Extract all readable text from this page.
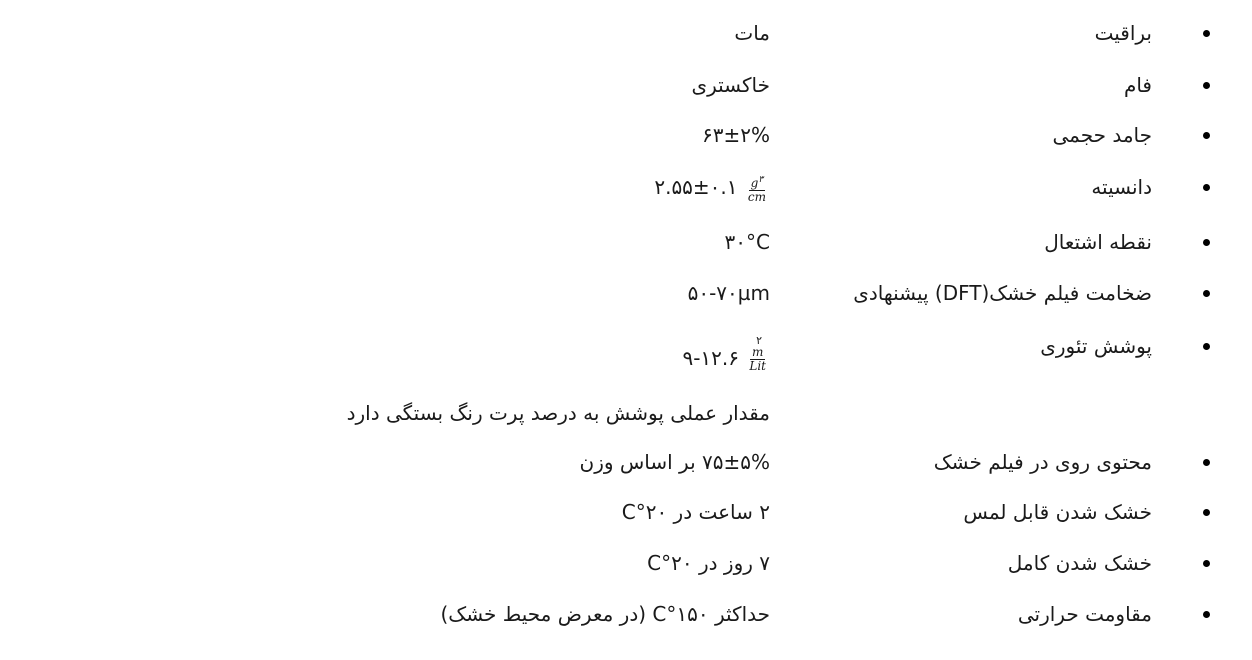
براقیت
مات
فام
خاکستری
جامد حجمی
۶۳±۲%
دانسیته
۲.۵۵±۰.۱ $\frac{g^۳}{cm}$
نقطه اشتعال
۳۰°C
ضخامت فیلم خشک(DFT) پیشنهادی
۵۰-۷۰µm
پوشش تئوری
۹-۱۲.۶ m
Lit
۲
مقدار عملی پوشش به درصد پرت رنگ بستگی دارد
محتوی روی در فیلم خشک
۷۵±۵% بر اساس وزن
خشک شدن قابل لمس
۲ ساعت در ۲۰°C
خشک شدن کامل
۷ روز در ۲۰°C
مقاومت حرارتی
حداکثر ۱۵۰°C (در معرض محیط خشک)
